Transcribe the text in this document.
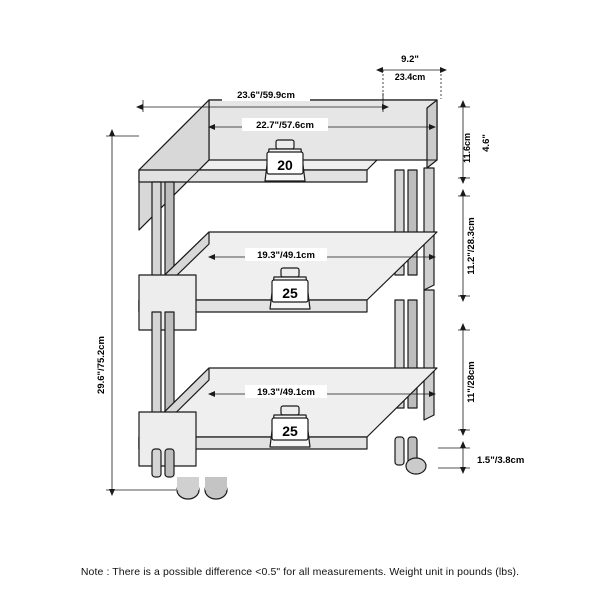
23.6"/59.9cm
9.2"
23.4cm
22.7"/57.6cm
19.3"/49.1cm
19.3"/49.1cm
29.6"/75.2cm
4.6"
11.6cm
11.2"/28.3cm
11"/28cm
1.5"/3.8cm
20
25
25
Note : There is a possible difference <0.5" for all measurements. Weight unit in pounds (lbs).
